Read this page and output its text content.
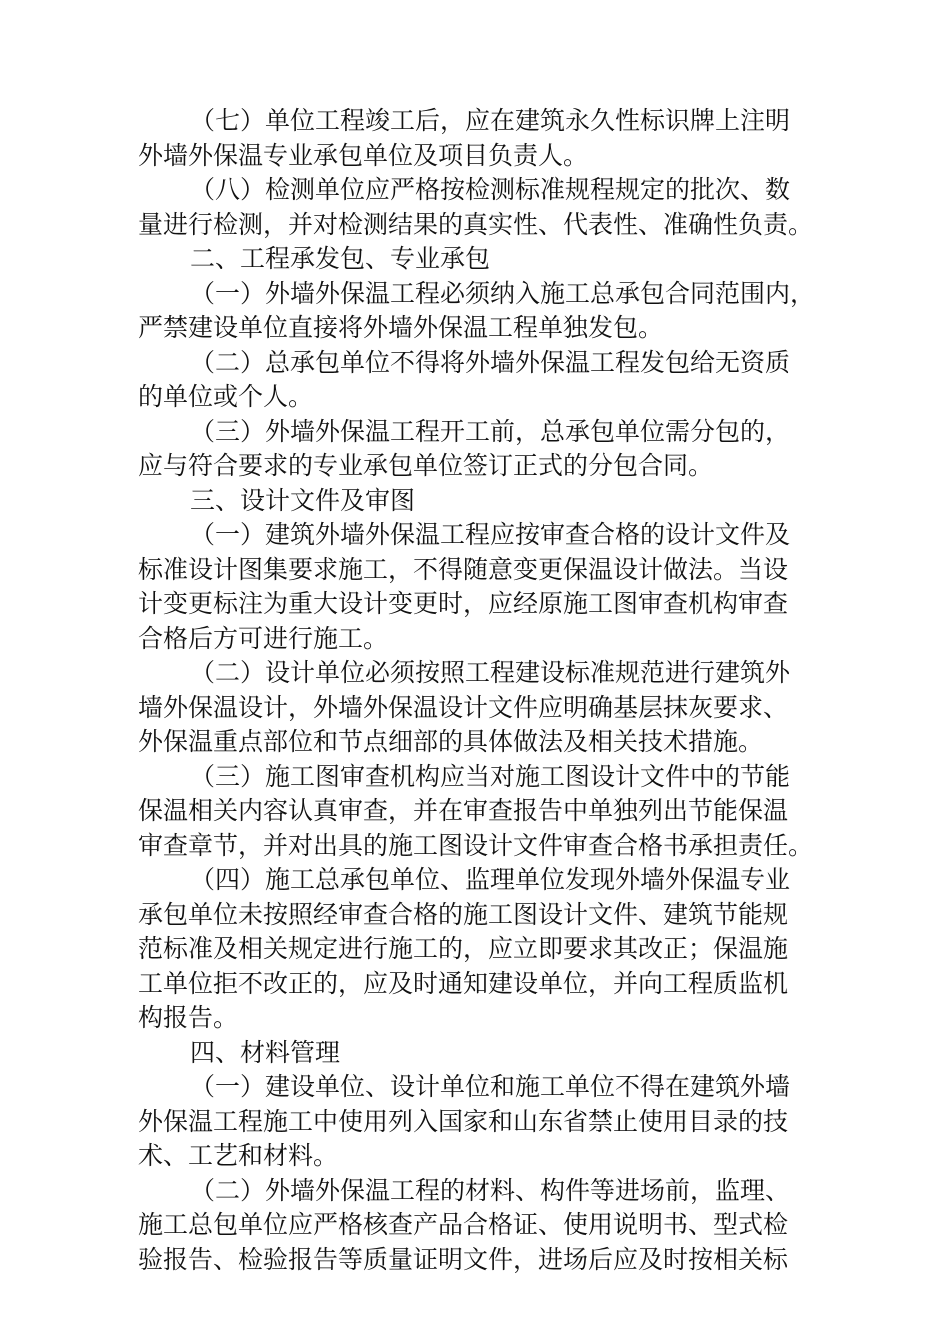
（七）单位工程竣工后，应在建筑永久性标识牌上注明
外墙外保温专业承包单位及项目负责人。
（八）检测单位应严格按检测标准规程规定的批次、数
量进行检测，并对检测结果的真实性、代表性、准确性负责。
二、工程承发包、专业承包
（一）外墙外保温工程必须纳入施工总承包合同范围内，
严禁建设单位直接将外墙外保温工程单独发包。
（二）总承包单位不得将外墙外保温工程发包给无资质
的单位或个人。
（三）外墙外保温工程开工前，总承包单位需分包的，
应与符合要求的专业承包单位签订正式的分包合同。
三、设计文件及审图
（一）建筑外墙外保温工程应按审查合格的设计文件及
标准设计图集要求施工，不得随意变更保温设计做法。当设
计变更标注为重大设计变更时，应经原施工图审查机构审查
合格后方可进行施工。
（二）设计单位必须按照工程建设标准规范进行建筑外
墙外保温设计，外墙外保温设计文件应明确基层抹灰要求、
外保温重点部位和节点细部的具体做法及相关技术措施。
（三）施工图审查机构应当对施工图设计文件中的节能
保温相关内容认真审查，并在审查报告中单独列出节能保温
审查章节，并对出具的施工图设计文件审查合格书承担责任。
（四）施工总承包单位、监理单位发现外墙外保温专业
承包单位未按照经审查合格的施工图设计文件、建筑节能规
范标准及相关规定进行施工的，应立即要求其改正；保温施
工单位拒不改正的，应及时通知建设单位，并向工程质监机
构报告。
四、材料管理
（一）建设单位、设计单位和施工单位不得在建筑外墙
外保温工程施工中使用列入国家和山东省禁止使用目录的技
术、工艺和材料。
（二）外墙外保温工程的材料、构件等进场前，监理、
施工总包单位应严格核查产品合格证、使用说明书、型式检
验报告、检验报告等质量证明文件，进场后应及时按相关标
